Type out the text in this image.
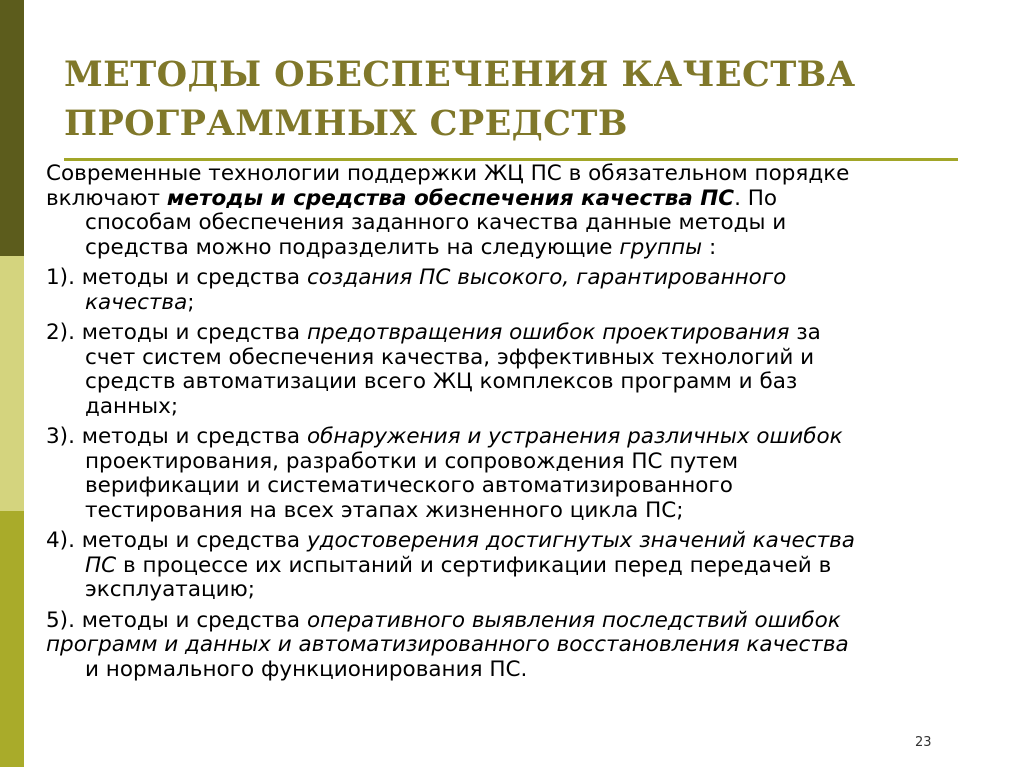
МЕТОДЫ ОБЕСПЕЧЕНИЯ КАЧЕСТВА
ПРОГРАММНЫХ СРЕДСТВ
Современные технологии поддержки ЖЦ ПС в обязательном порядке
включают методы и средства обеспечения качества ПС. По
способам обеспечения заданного качества данные методы и
средства можно подразделить на следующие группы :
1). методы и средства создания ПС высокого, гарантированного
качества;
2). методы и средства предотвращения ошибок проектирования за
счет систем обеспечения качества, эффективных технологий и
средств автоматизации всего ЖЦ комплексов программ и баз
данных;
3). методы и средства обнаружения и устранения различных ошибок
проектирования, разработки и сопровождения ПС путем
верификации и систематического автоматизированного
тестирования на всех этапах жизненного цикла ПС;
4). методы и средства удостоверения достигнутых значений качества
ПС в процессе их испытаний и сертификации перед передачей в
эксплуатацию;
5). методы и средства оперативного выявления последствий ошибок
программ и данных и автоматизированного восстановления качества
и нормального функционирования ПС.
23
